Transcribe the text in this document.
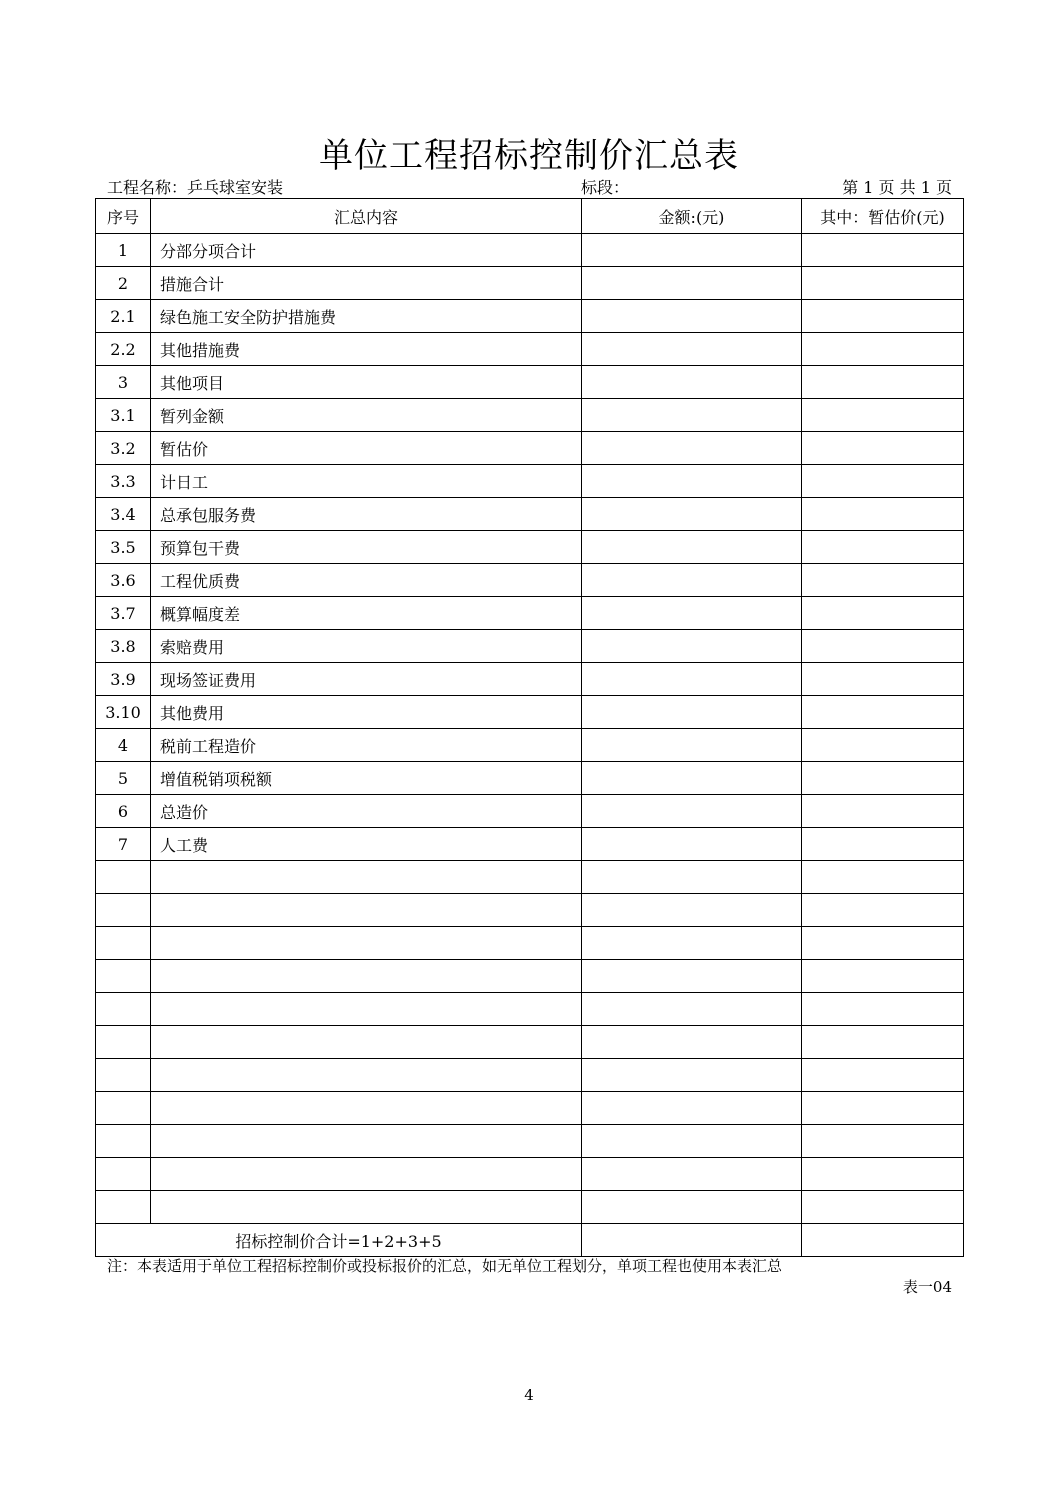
单位工程招标控制价汇总表
工程名称：乒乓球室安装	标段：	第 1 页 共 1 页
序号	汇总内容	金额:(元)	其中：暂估价(元)
1	分部分项合计		
2	措施合计		
2.1	绿色施工安全防护措施费		
2.2	其他措施费		
3	其他项目		
3.1	暂列金额		
3.2	暂估价		
3.3	计日工		
3.4	总承包服务费		
3.5	预算包干费		
3.6	工程优质费		
3.7	概算幅度差		
3.8	索赔费用		
3.9	现场签证费用		
3.10	其他费用		
4	税前工程造价		
5	增值税销项税额		
6	总造价		
7	人工费		

招标控制价合计=1+2+3+5			
注：本表适用于单位工程招标控制价或投标报价的汇总，如无单位工程划分，单项工程也使用本表汇总
表一04
4
